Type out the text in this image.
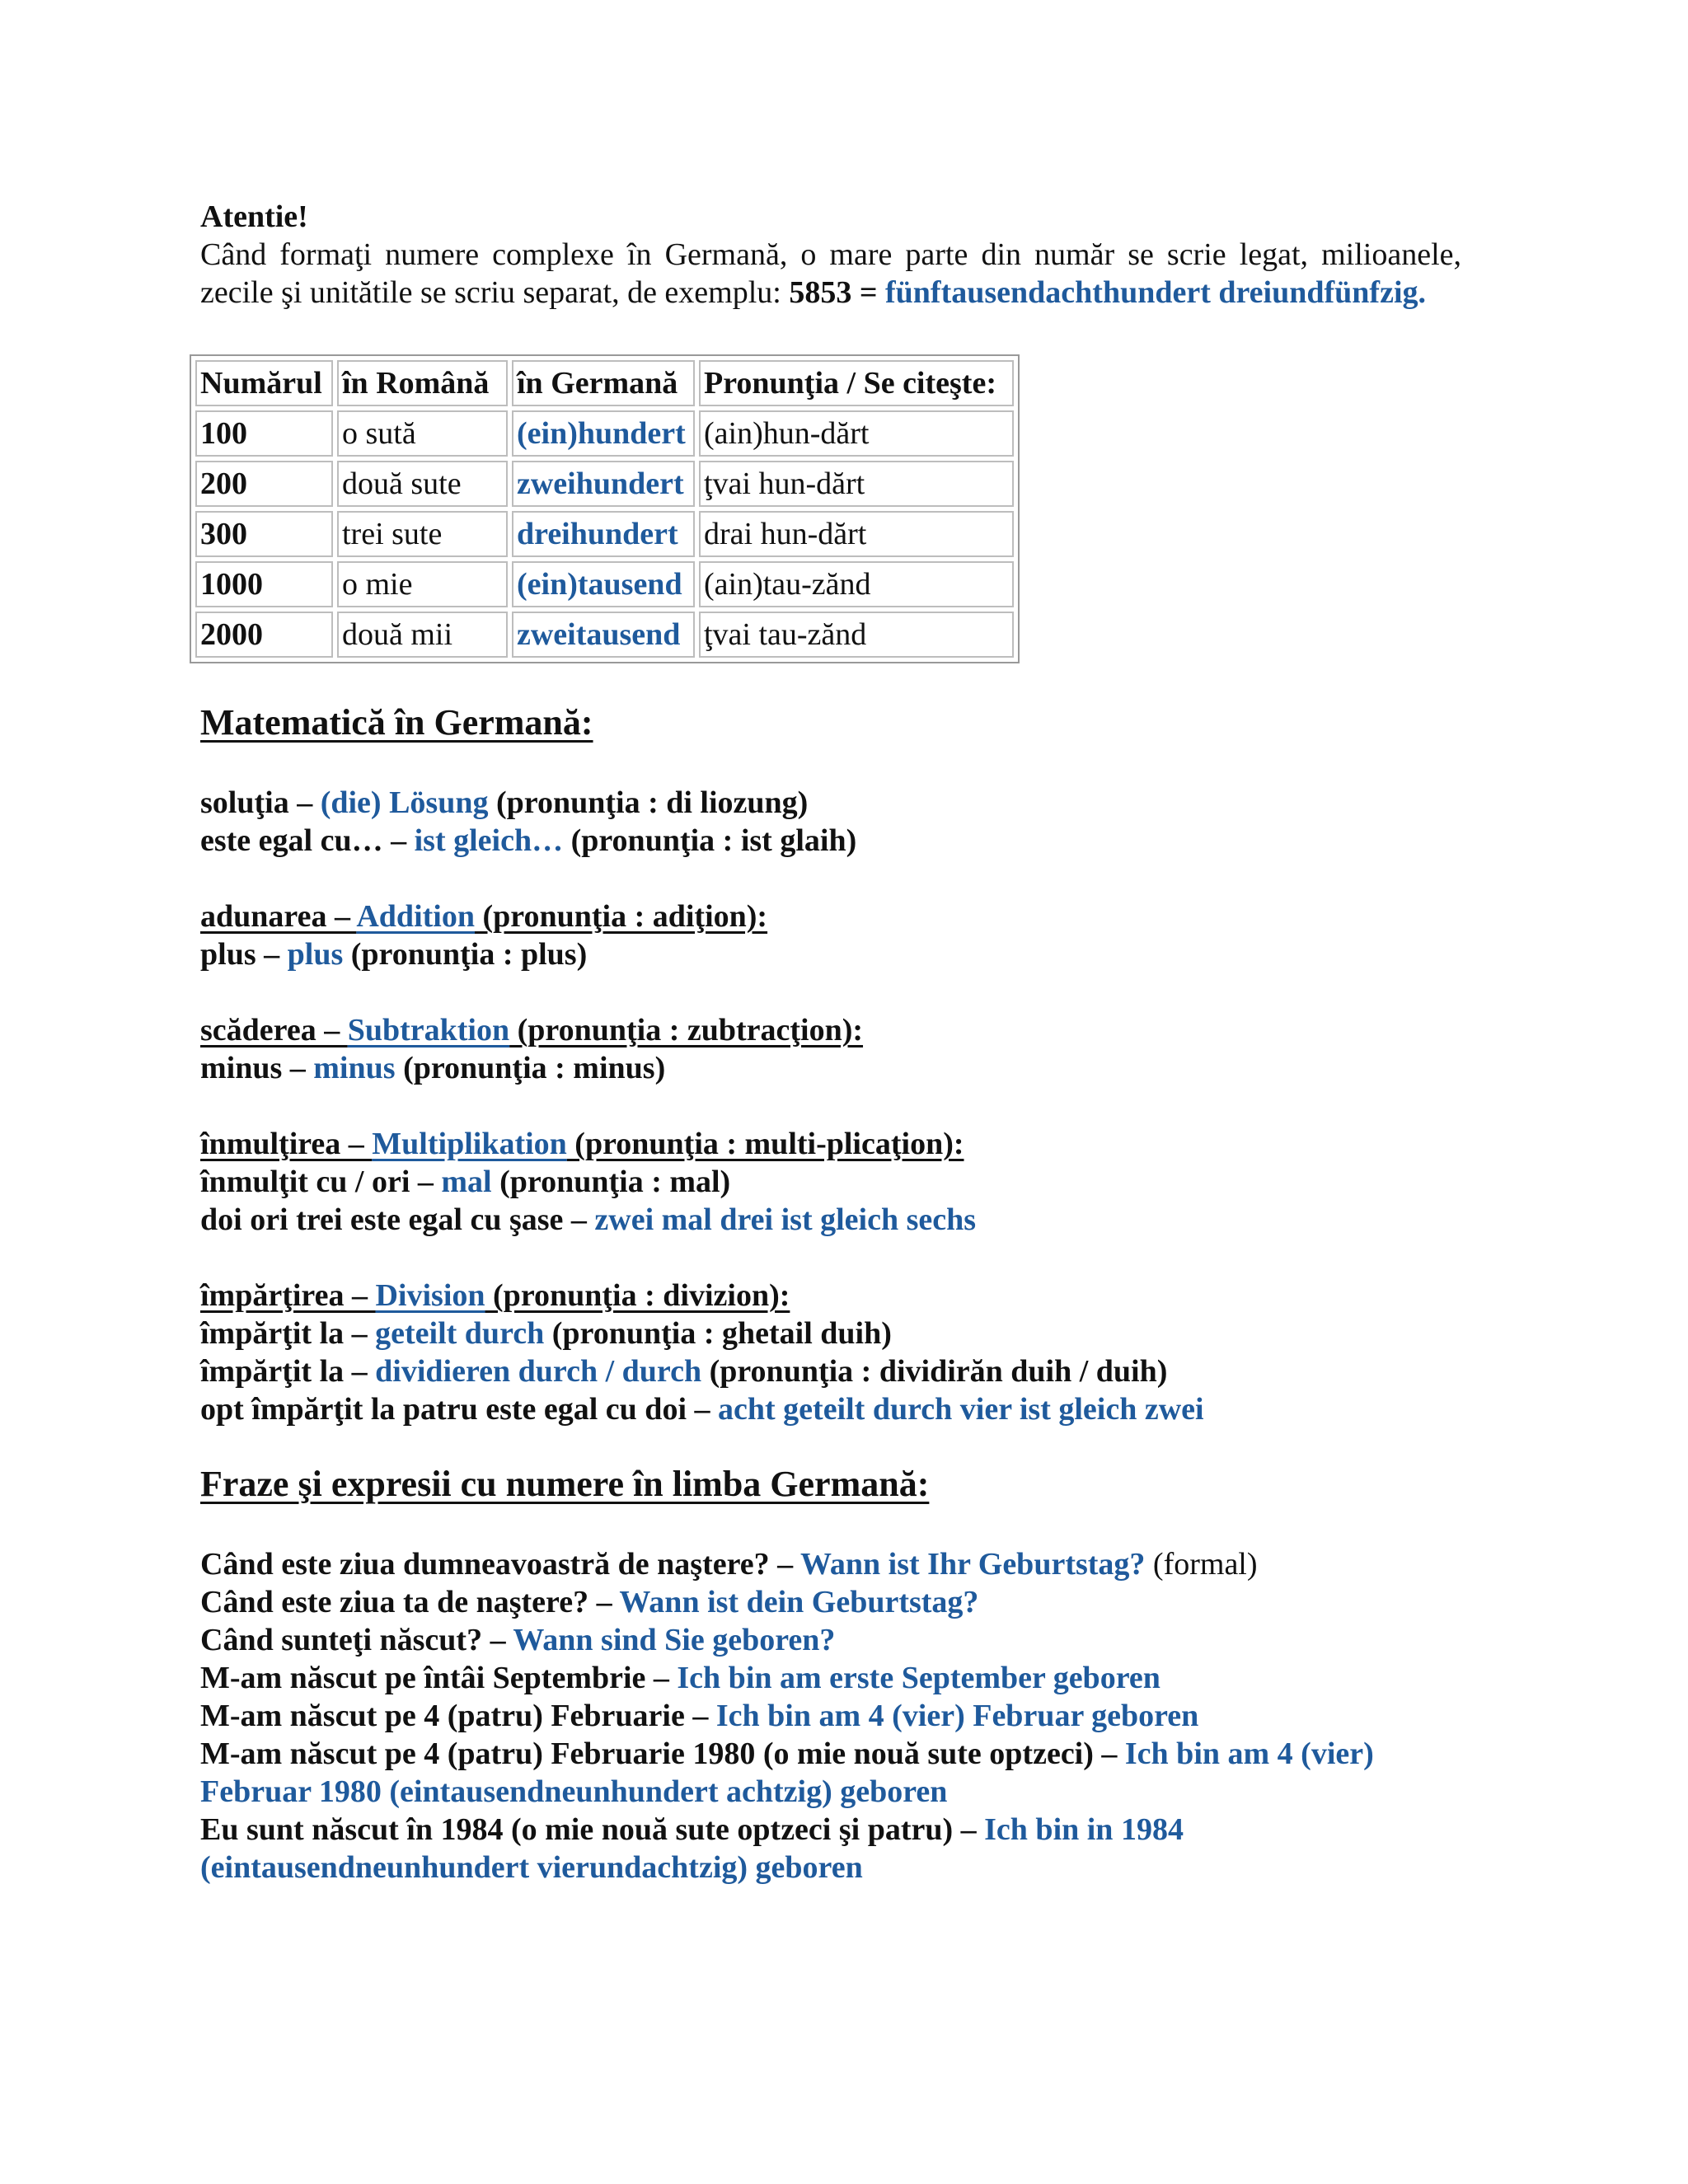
Atentie!

Când formaţi numere complexe în Germană, o mare parte din număr se scrie legat, milioanele, zecile şi unitătile se scriu separat, de exemplu: 5853 = fünftausendachthundert dreiundfünfzig.

Numărul	în Română	în Germană	Pronunţia / Se citeşte:
100	o sută	(ein)hundert	(ain)hun-dărt
200	două sute	zweihundert	ţvai hun-dărt
300	trei sute	dreihundert	drai hun-dărt
1000	o mie	(ein)tausend	(ain)tau-zănd
2000	două mii	zweitausend	ţvai tau-zănd
Matematică în Germană:

soluţia – (die) Lösung (pronunţia : di liozung)

este egal cu… – ist gleich… (pronunţia : ist glaih)

adunarea – Addition (pronunţia : adiţion):

plus – plus (pronunţia : plus)

scăderea – Subtraktion (pronunţia : zubtracţion):

minus – minus (pronunţia : minus)

înmulţirea – Multiplikation (pronunţia : multi-plicaţion):

înmulţit cu / ori – mal (pronunţia : mal)

doi ori trei este egal cu şase – zwei mal drei ist gleich sechs

împărţirea – Division (pronunţia : divizion):

împărţit la – geteilt durch (pronunţia : ghetail duih)

împărţit la – dividieren durch / durch (pronunţia : dividirăn duih / duih)

opt împărţit la patru este egal cu doi – acht geteilt durch vier ist gleich zwei

Fraze şi expresii cu numere în limba Germană:

Când este ziua dumneavoastră de naştere? – Wann ist Ihr Geburtstag? (formal)

Când este ziua ta de naştere? – Wann ist dein Geburtstag?

Când sunteţi născut? – Wann sind Sie geboren?

M-am născut pe întâi Septembrie – Ich bin am erste September geboren

M-am născut pe 4 (patru) Februarie – Ich bin am 4 (vier) Februar geboren

M-am născut pe 4 (patru) Februarie 1980 (o mie nouă sute optzeci) – Ich bin am 4 (vier) Februar 1980 (eintausendneunhundert achtzig) geboren

Eu sunt născut în 1984 (o mie nouă sute optzeci şi patru) – Ich bin in 1984 (eintausendneunhundert vierundachtzig) geboren
